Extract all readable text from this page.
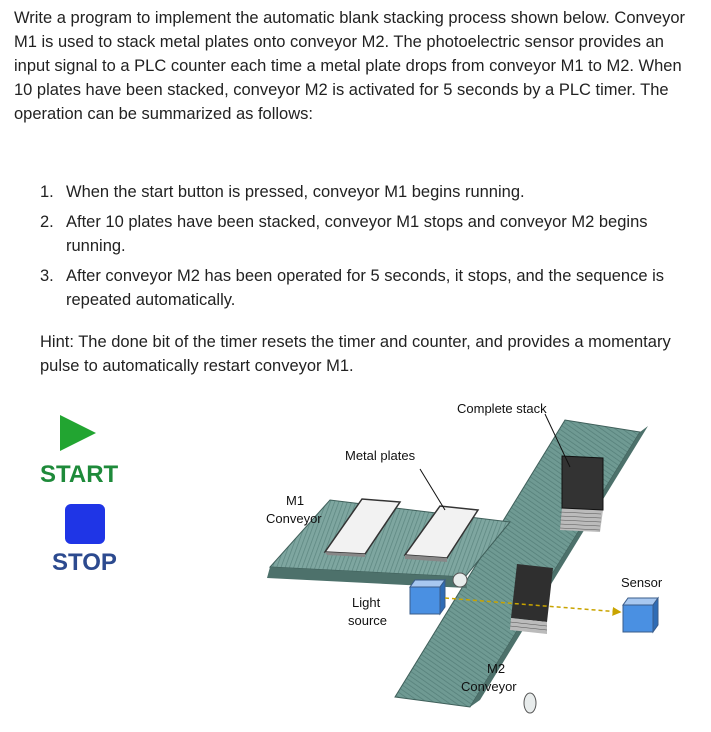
Write a program to implement the automatic blank stacking process shown below. Conveyor M1 is used to stack metal plates onto conveyor M2. The photoelectric sensor provides an input signal to a PLC counter each time a metal plate drops from conveyor M1 to M2. When 10 plates have been stacked, conveyor M2 is activated for 5 seconds by a PLC timer. The operation can be summarized as follows:

1. When the start button is pressed, conveyor M1 begins running.
2. After 10 plates have been stacked, conveyor M1 stops and conveyor M2 begins running.
3. After conveyor M2 has been operated for 5 seconds, it stops, and the sequence is repeated automatically.

Hint: The done bit of the timer resets the timer and counter, and provides a momentary pulse to automatically restart conveyor M1.

START
STOP
Complete stack
Metal plates
M1
Conveyor
Light
source
Sensor
M2
Conveyor
